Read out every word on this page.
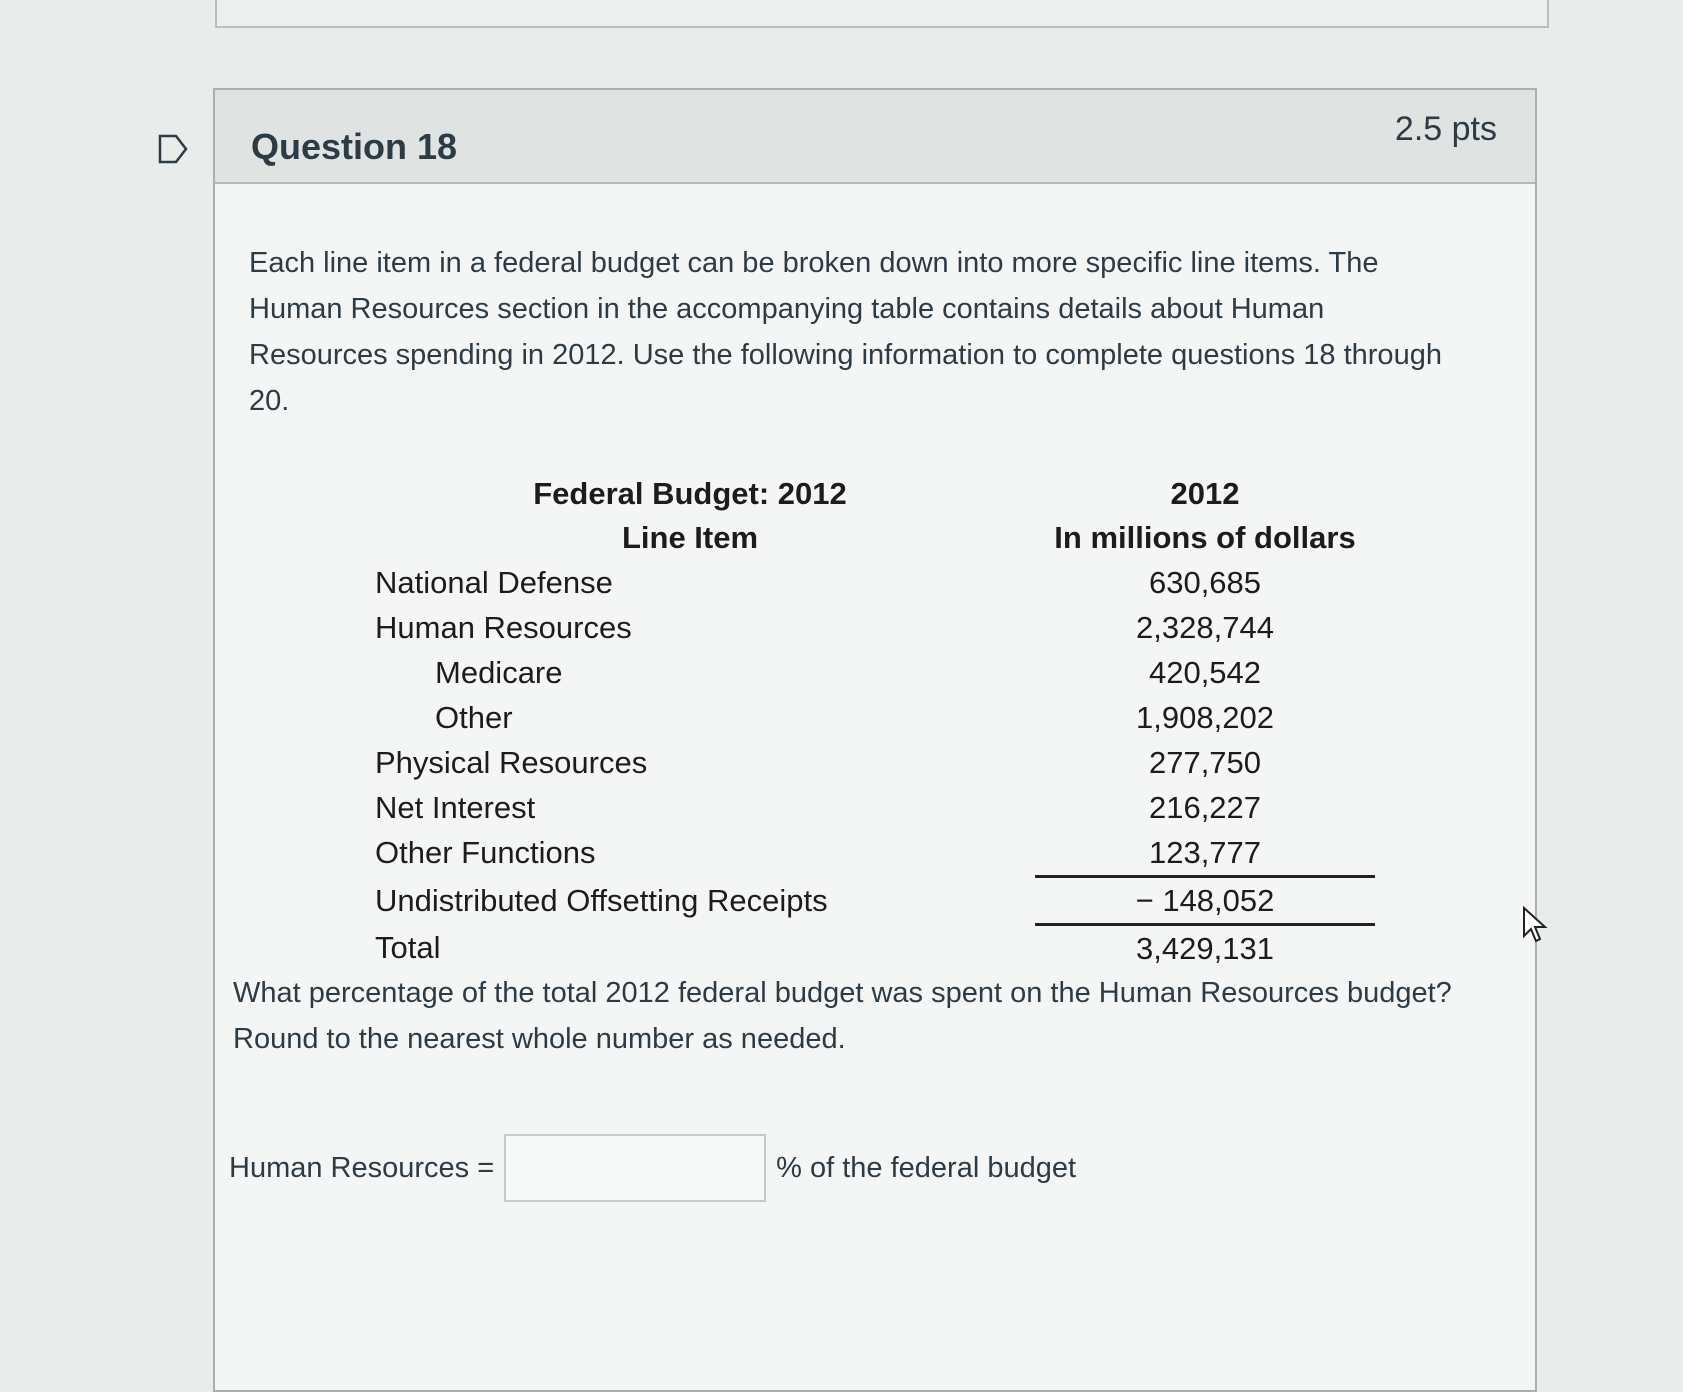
Question 18	2.5 pts

Each line item in a federal budget can be broken down into more specific line items. The Human Resources section in the accompanying table contains details about Human Resources spending in 2012. Use the following information to complete questions 18 through 20.

Federal Budget: 2012	2012
Line Item	In millions of dollars
National Defense	630,685
Human Resources	2,328,744
Medicare	420,542
Other	1,908,202
Physical Resources	277,750
Net Interest	216,227
Other Functions	123,777
Undistributed Offsetting Receipts	− 148,052
Total	3,429,131

What percentage of the total 2012 federal budget was spent on the Human Resources budget? Round to the nearest whole number as needed.

Human Resources =	% of the federal budget
